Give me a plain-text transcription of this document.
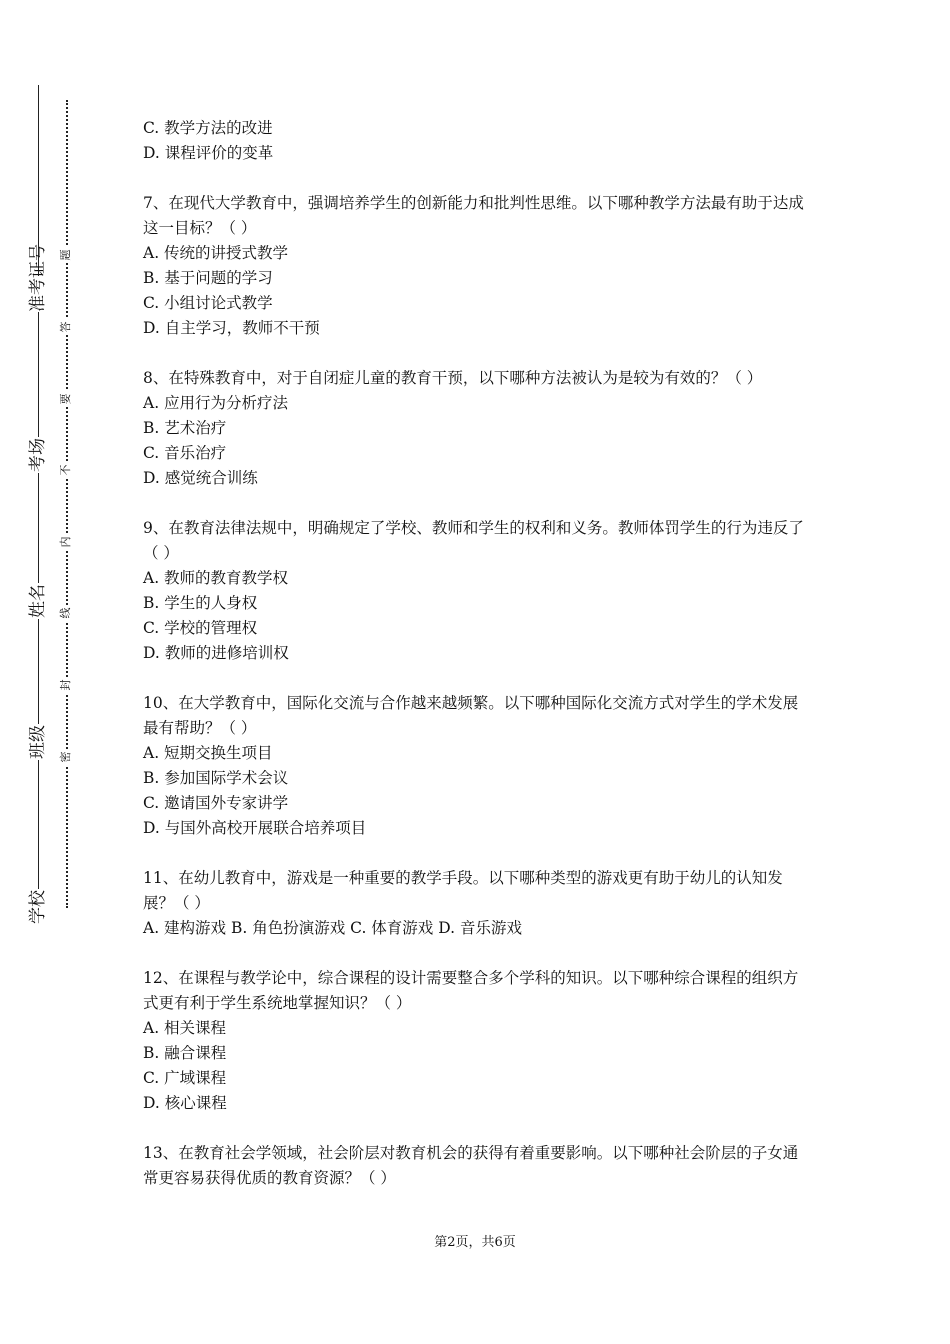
准考证号
考场
姓名
班级
学校
题
答
要
不
内
线
封
密

C. 教学方法的改进

D. 课程评价的变革

7、在现代大学教育中，强调培养学生的创新能力和批判性思维。以下哪种教学方法最有助于达成这一目标？（ ）

A. 传统的讲授式教学

B. 基于问题的学习

C. 小组讨论式教学

D. 自主学习，教师不干预

8、在特殊教育中，对于自闭症儿童的教育干预，以下哪种方法被认为是较为有效的？（ ）

A. 应用行为分析疗法

B. 艺术治疗

C. 音乐治疗

D. 感觉统合训练

9、在教育法律法规中，明确规定了学校、教师和学生的权利和义务。教师体罚学生的行为违反了（ ）

A. 教师的教育教学权

B. 学生的人身权

C. 学校的管理权

D. 教师的进修培训权

10、在大学教育中，国际化交流与合作越来越频繁。以下哪种国际化交流方式对学生的学术发展最有帮助？（ ）

A. 短期交换生项目

B. 参加国际学术会议

C. 邀请国外专家讲学

D. 与国外高校开展联合培养项目

11、在幼儿教育中，游戏是一种重要的教学手段。以下哪种类型的游戏更有助于幼儿的认知发展？（ ）

A. 建构游戏 B. 角色扮演游戏 C. 体育游戏 D. 音乐游戏

12、在课程与教学论中，综合课程的设计需要整合多个学科的知识。以下哪种综合课程的组织方式更有利于学生系统地掌握知识？（ ）

A. 相关课程

B. 融合课程

C. 广域课程

D. 核心课程

13、在教育社会学领域，社会阶层对教育机会的获得有着重要影响。以下哪种社会阶层的子女通常更容易获得优质的教育资源？（ ）

第2页，共6页
